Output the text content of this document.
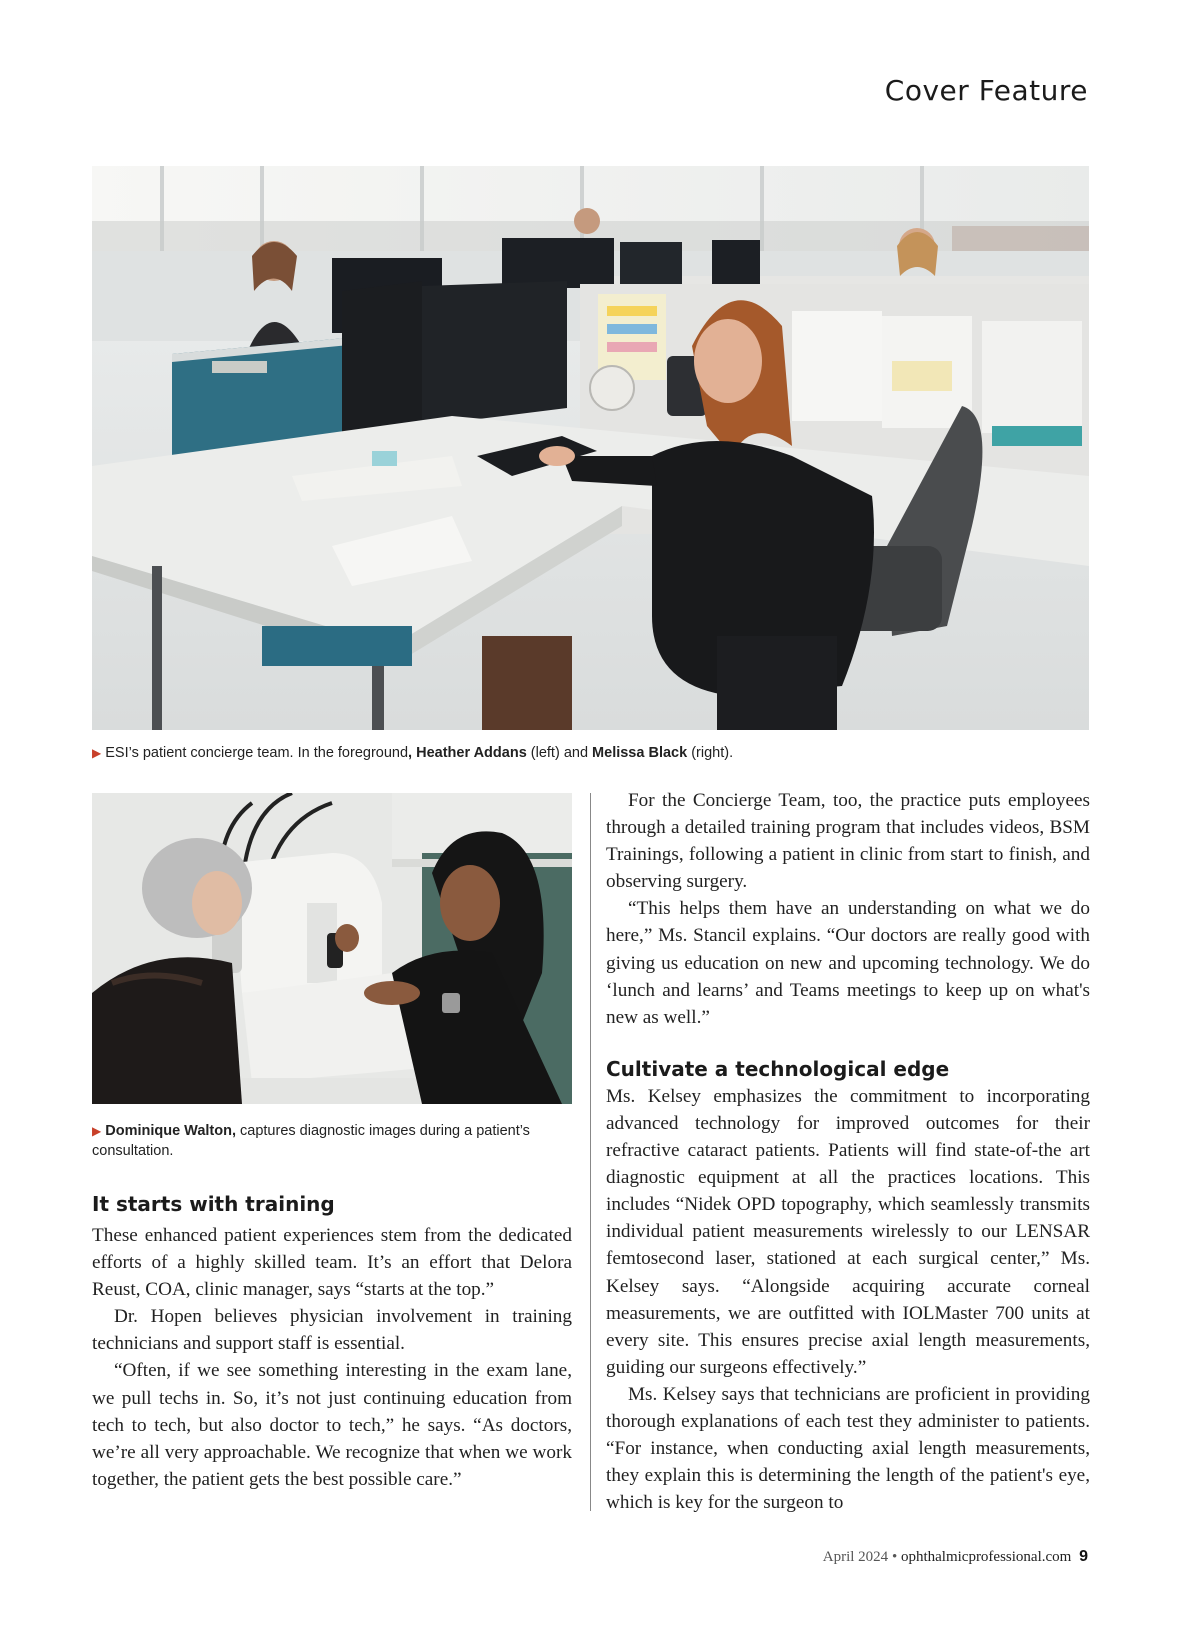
Cover Feature
▶ ESI’s patient concierge team. In the foreground, Heather Addans (left) and Melissa Black (right).
▶ Dominique Walton, captures diagnostic images during a patient’s consultation.
It starts with training

These enhanced patient experiences stem from the dedicated efforts of a highly skilled team. It’s an effort that Delora Reust, COA, clinic manager, says “starts at the top.”

Dr. Hopen believes physician involvement in training technicians and support staff is essential.

“Often, if we see something interesting in the exam lane, we pull techs in. So, it’s not just continuing education from tech to tech, but also doctor to tech,” he says. “As doctors, we’re all very approachable. We recognize that when we work together, the patient gets the best possible care.”

For the Concierge Team, too, the practice puts employees through a detailed training program that includes videos, BSM Trainings, following a patient in clinic from start to finish, and observing surgery.

“This helps them have an understanding on what we do here,” Ms. Stancil explains. “Our doctors are really good with giving us education on new and upcoming technology. We do ‘lunch and learns’ and Teams meetings to keep up on what's new as well.”

Cultivate a technological edge

Ms. Kelsey emphasizes the commitment to incorporating advanced technology for improved outcomes for their refractive cataract patients. Patients will find state-of-the art diagnostic equipment at all the practices locations. This includes “Nidek OPD topography, which seamlessly transmits individual patient measurements wirelessly to our LENSAR femtosecond laser, stationed at each surgical center,” Ms. Kelsey says. “Alongside acquiring accurate corneal measurements, we are outfitted with IOLMaster 700 units at every site. This ensures precise axial length measurements, guiding our surgeons effectively.”

Ms. Kelsey says that technicians are proficient in providing thorough explanations of each test they administer to patients. “For instance, when conducting axial length measurements, they explain this is determining the length of the patient's eye, which is key for the surgeon to

April 2024 • ophthalmicprofessional.com 9
